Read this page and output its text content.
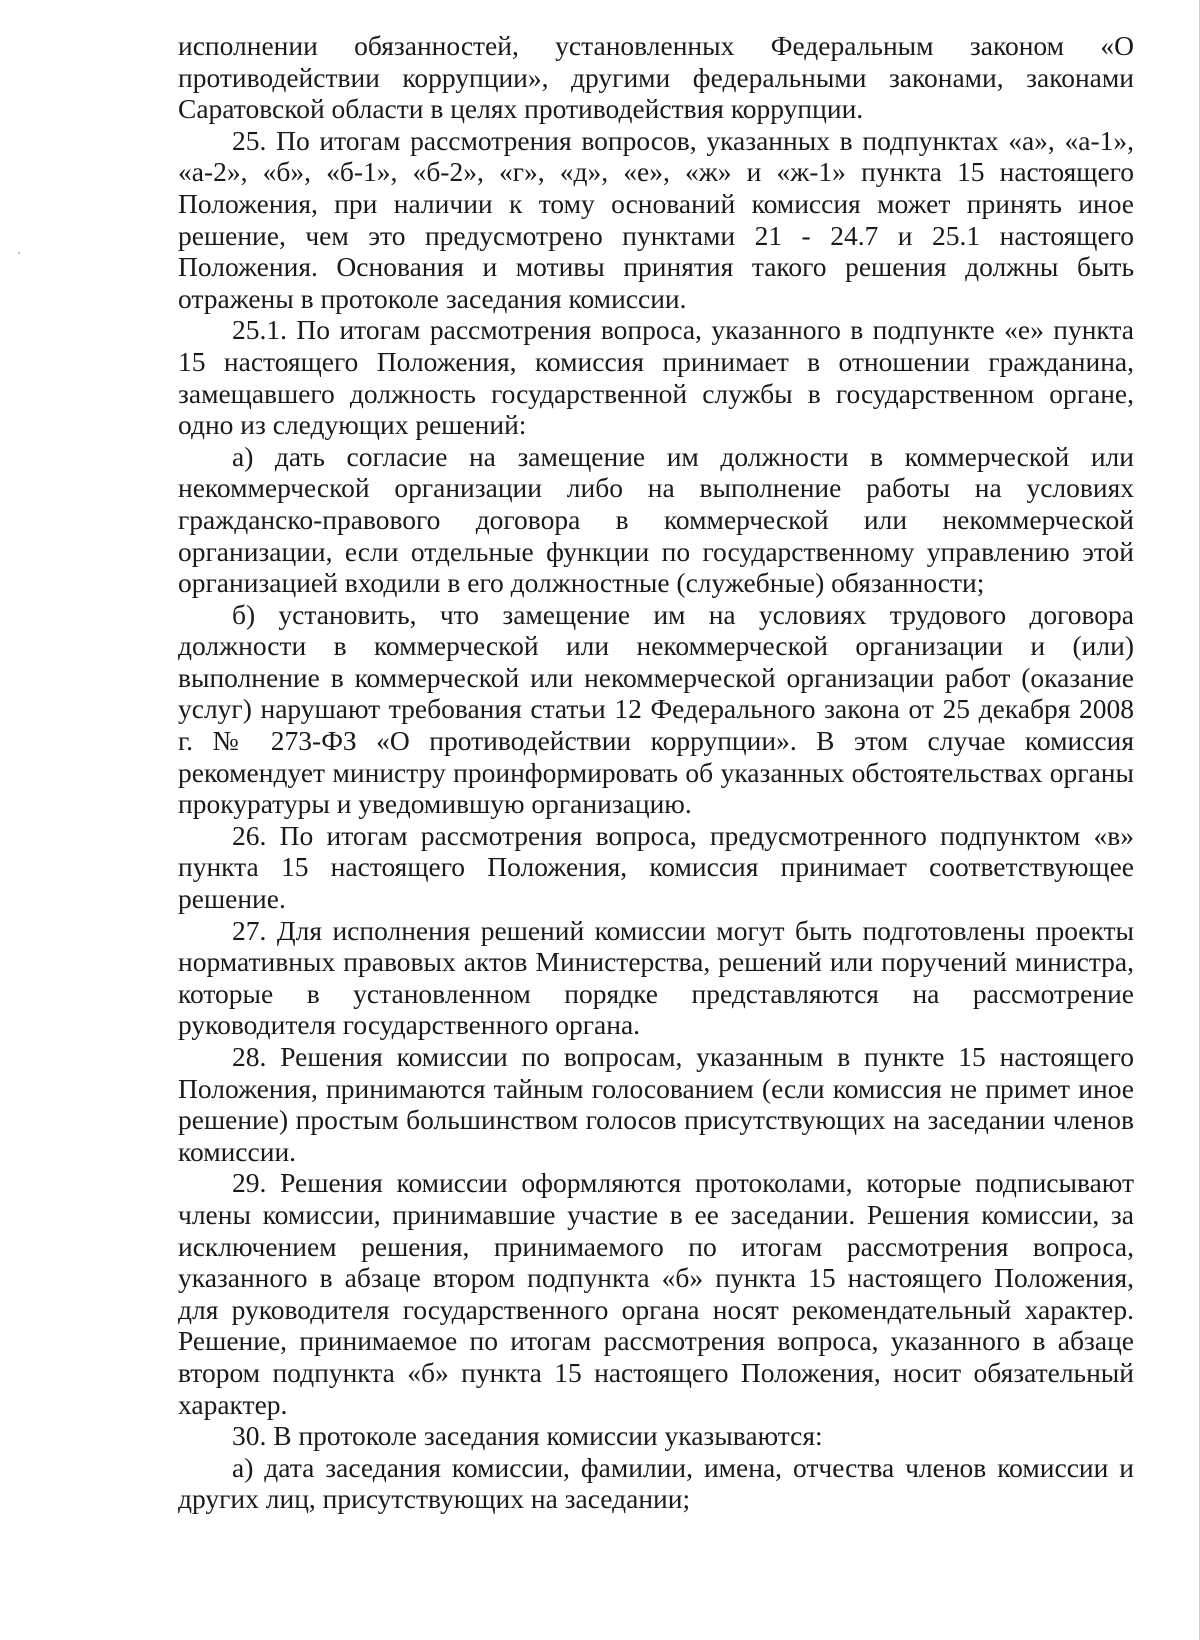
исполнении обязанностей, установленных Федеральным законом «О противодействии коррупции», другими федеральными законами, законами Саратовской области в целях противодействия коррупции.

25. По итогам рассмотрения вопросов, указанных в подпунктах «а», «а-1», «а-2», «б», «б-1», «б-2», «г», «д», «е», «ж» и «ж-1» пункта 15 настоящего Положения, при наличии к тому оснований комиссия может принять иное решение, чем это предусмотрено пунктами 21 - 24.7 и 25.1 настоящего Положения. Основания и мотивы принятия такого решения должны быть отражены в протоколе заседания комиссии.

25.1. По итогам рассмотрения вопроса, указанного в подпункте «е» пункта 15 настоящего Положения, комиссия принимает в отношении гражданина, замещавшего должность государственной службы в государственном органе, одно из следующих решений:

а) дать согласие на замещение им должности в коммерческой или некоммерческой организации либо на выполнение работы на условиях гражданско-правового договора в коммерческой или некоммерческой организации, если отдельные функции по государственному управлению этой организацией входили в его должностные (служебные) обязанности;

б) установить, что замещение им на условиях трудового договора должности в коммерческой или некоммерческой организации и (или) выполнение в коммерческой или некоммерческой организации работ (оказание услуг) нарушают требования статьи 12 Федерального закона от 25 декабря 2008 г. № 273-ФЗ «О противодействии коррупции». В этом случае комиссия рекомендует министру проинформировать об указанных обстоятельствах органы прокуратуры и уведомившую организацию.

26. По итогам рассмотрения вопроса, предусмотренного подпунктом «в» пункта 15 настоящего Положения, комиссия принимает соответствующее решение.

27. Для исполнения решений комиссии могут быть подготовлены проекты нормативных правовых актов Министерства, решений или поручений министра, которые в установленном порядке представляются на рассмотрение руководителя государственного органа.

28. Решения комиссии по вопросам, указанным в пункте 15 настоящего Положения, принимаются тайным голосованием (если комиссия не примет иное решение) простым большинством голосов присутствующих на заседании членов комиссии.

29. Решения комиссии оформляются протоколами, которые подписывают члены комиссии, принимавшие участие в ее заседании. Решения комиссии, за исключением решения, принимаемого по итогам рассмотрения вопроса, указанного в абзаце втором подпункта «б» пункта 15 настоящего Положения, для руководителя государственного органа носят рекомендательный характер. Решение, принимаемое по итогам рассмотрения вопроса, указанного в абзаце втором подпункта «б» пункта 15 настоящего Положения, носит обязательный характер.

30. В протоколе заседания комиссии указываются:

а) дата заседания комиссии, фамилии, имена, отчества членов комиссии и других лиц, присутствующих на заседании;
